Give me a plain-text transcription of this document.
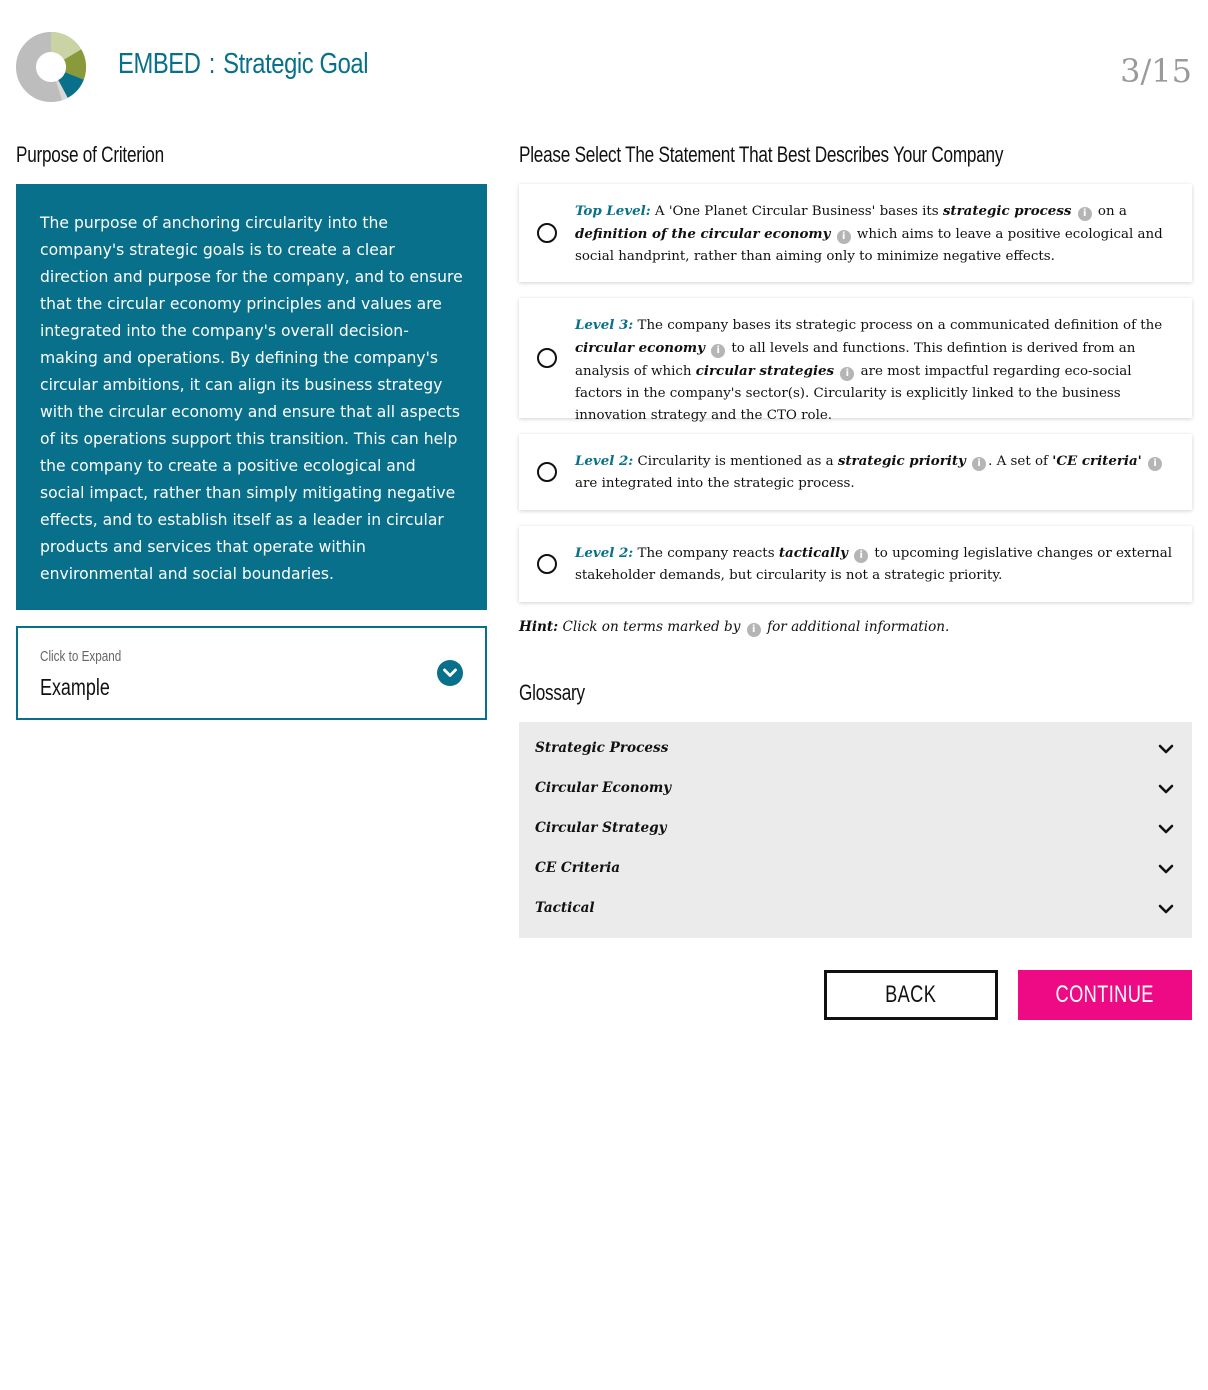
EMBED : Strategic Goal	3/15
Purpose of Criterion

The purpose of anchoring circularity into the company's strategic goals is to create a clear direction and purpose for the company, and to ensure that the circular economy principles and values are integrated into the company's overall decision-making and operations. By defining the company's circular ambitions, it can align its business strategy with the circular economy and ensure that all aspects of its operations support this transition. This can help the company to create a positive ecological and social impact, rather than simply mitigating negative effects, and to establish itself as a leader in circular products and services that operate within environmental and social boundaries.

Click to Expand
Example
Please Select The Statement That Best Describes Your Company
Top Level: A 'One Planet Circular Business' bases its strategic process i on a definition of the circular economy i which aims to leave a positive ecological and social handprint, rather than aiming only to minimize negative effects.
Level 3: The company bases its strategic process on a communicated definition of the circular economy i to all levels and functions. This defintion is derived from an analysis of which circular strategies i are most impactful regarding eco-social factors in the company's sector(s). Circularity is explicitly linked to the business innovation strategy and the CTO role.
Level 2: Circularity is mentioned as a strategic priority i . A set of 'CE criteria' i are integrated into the strategic process.
Level 2: The company reacts tactically i to upcoming legislative changes or external stakeholder demands, but circularity is not a strategic priority.
Hint: Click on terms marked by i for additional information.
Glossary
Strategic Process
Circular Economy
Circular Strategy
CE Criteria
Tactical
BACK	CONTINUE
